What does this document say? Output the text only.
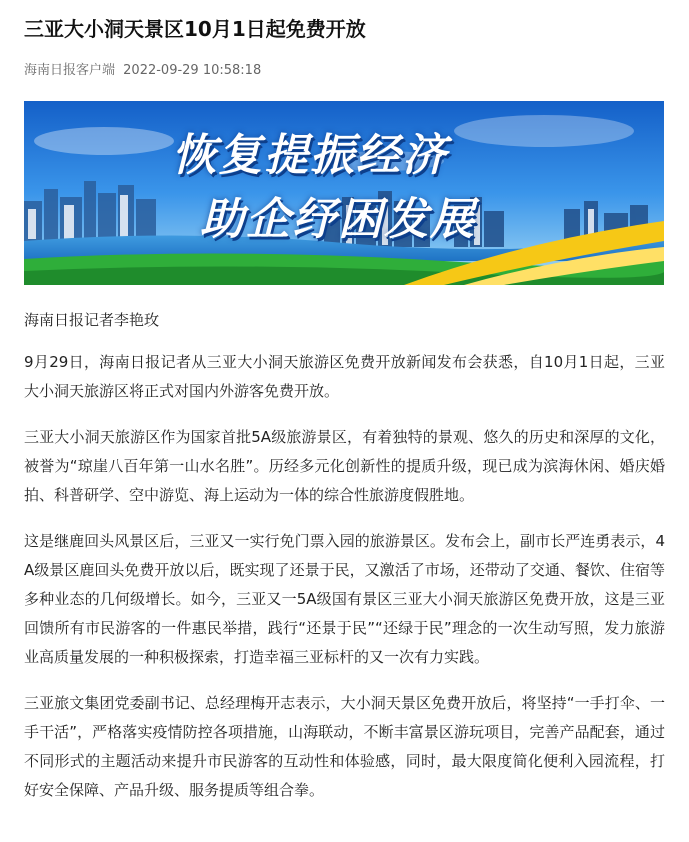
三亚大小洞天景区10月1日起免费开放
海南日报客户端 2022-09-29 10:58:18
恢复提振经济
助企纾困发展

海南日报记者李艳玫

9月29日，海南日报记者从三亚大小洞天旅游区免费开放新闻发布会获悉，自10月1日起，三亚大小洞天旅游区将正式对国内外游客免费开放。

三亚大小洞天旅游区作为国家首批5A级旅游景区，有着独特的景观、悠久的历史和深厚的文化，被誉为“琼崖八百年第一山水名胜”。历经多元化创新性的提质升级，现已成为滨海休闲、婚庆婚拍、科普研学、空中游览、海上运动为一体的综合性旅游度假胜地。

这是继鹿回头风景区后，三亚又一实行免门票入园的旅游景区。发布会上，副市长严连勇表示，4A级景区鹿回头免费开放以后，既实现了还景于民，又激活了市场，还带动了交通、餐饮、住宿等多种业态的几何级增长。如今，三亚又一5A级国有景区三亚大小洞天旅游区免费开放，这是三亚回馈所有市民游客的一件惠民举措，践行“还景于民”“还绿于民”理念的一次生动写照，发力旅游业高质量发展的一种积极探索，打造幸福三亚标杆的又一次有力实践。

三亚旅文集团党委副书记、总经理梅开志表示，大小洞天景区免费开放后，将坚持“一手打伞、一手干活”，严格落实疫情防控各项措施，山海联动，不断丰富景区游玩项目，完善产品配套，通过不同形式的主题活动来提升市民游客的互动性和体验感，同时，最大限度简化便利入园流程，打好安全保障、产品升级、服务提质等组合拳。
